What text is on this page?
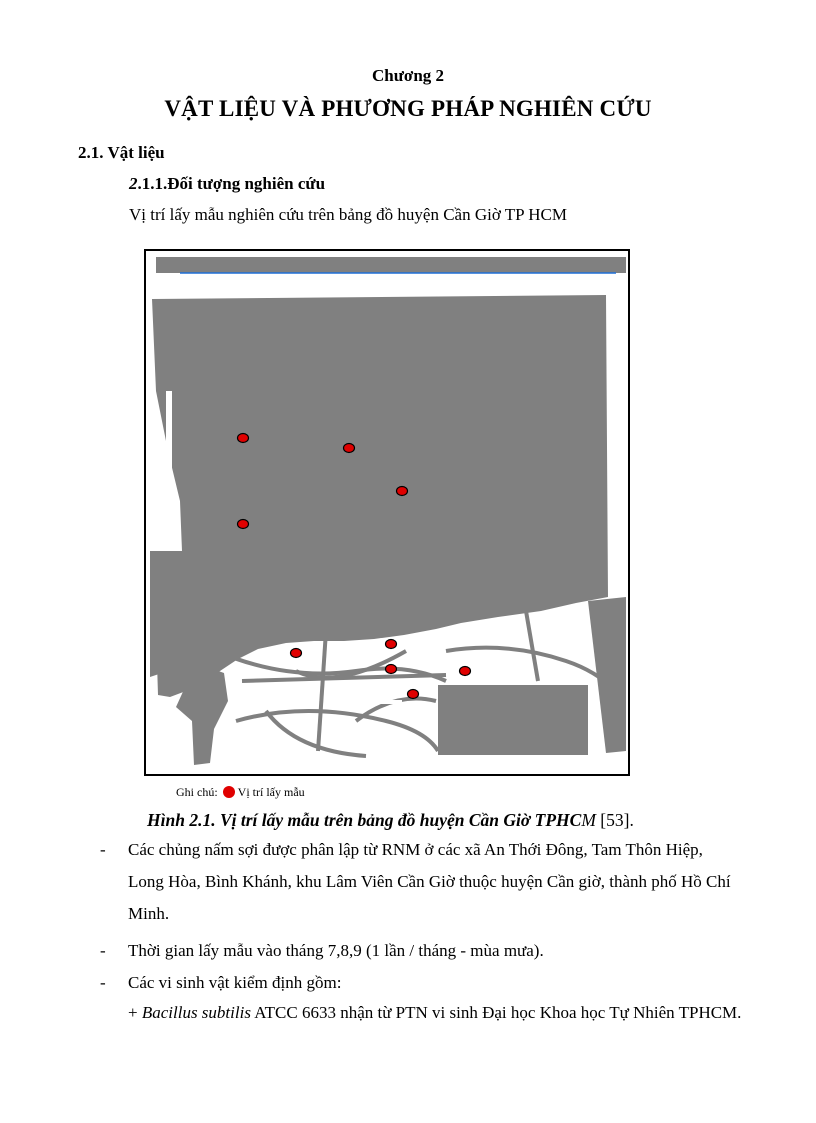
Chương 2
VẬT LIỆU VÀ PHƯƠNG PHÁP NGHIÊN CỨU
2.1. Vật liệu
2.1.1.Đối tượng nghiên cứu
Vị trí lấy mẫu nghiên cứu trên bảng đồ huyện Cần Giờ TP HCM
Ghi chú: Vị trí lấy mẫu
Hình 2.1. Vị trí lấy mẫu trên bảng đồ huyện Cần Giờ TPHCM [53].
- Các chủng nấm sợi được phân lập từ RNM ở các xã An Thới Đông, Tam Thôn Hiệp, Long Hòa, Bình Khánh, khu Lâm Viên Cần Giờ thuộc huyện Cần giờ, thành phố Hồ Chí Minh.
- Thời gian lấy mẫu vào tháng 7,8,9 (1 lần / tháng - mùa mưa).
- Các vi sinh vật kiểm định gồm:
+ Bacillus subtilis ATCC 6633 nhận từ PTN vi sinh Đại học Khoa học Tự Nhiên TPHCM.
